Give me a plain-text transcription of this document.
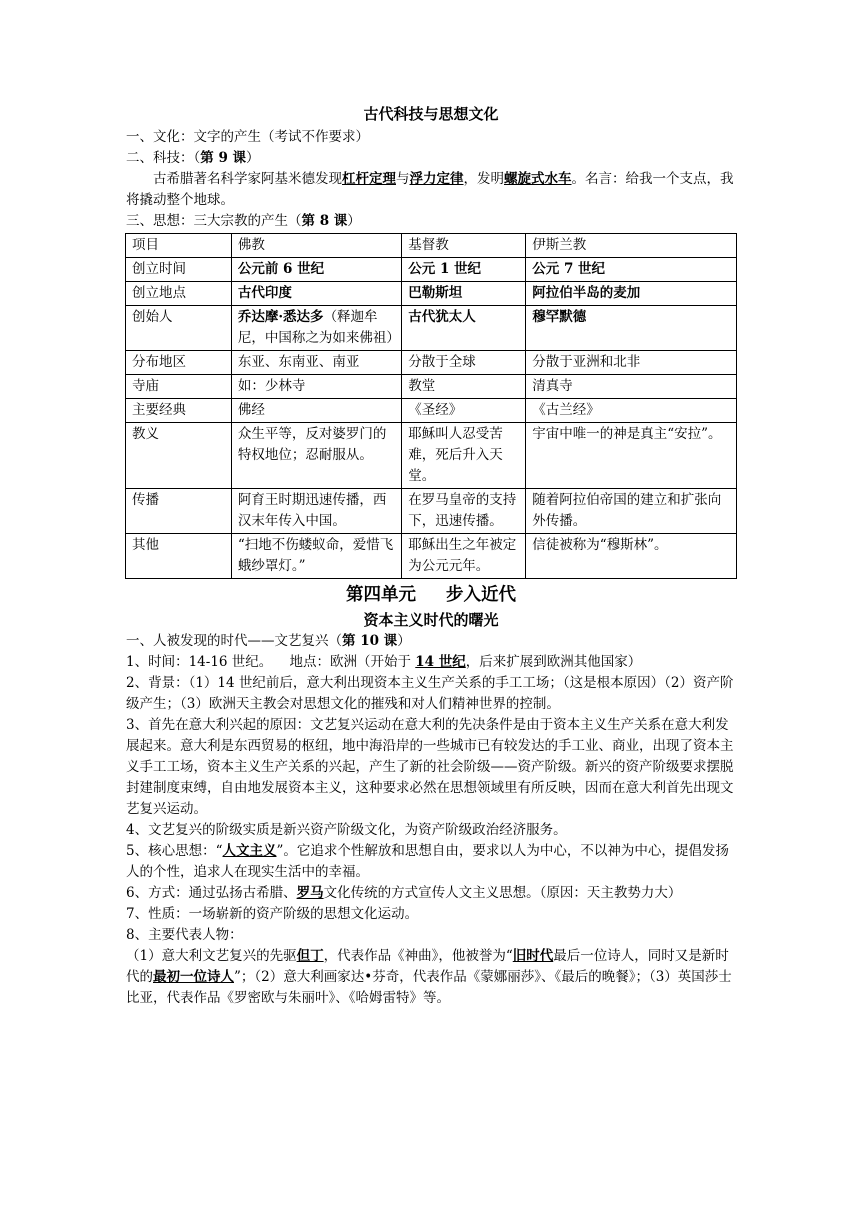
古代科技与思想文化

一、文化：文字的产生（考试不作要求）

二、科技：（第 9 课）

古希腊著名科学家阿基米德发现杠杆定理与浮力定律，发明螺旋式水车。名言：给我一个支点，我将撬动整个地球。

三、思想：三大宗教的产生（第 8 课）

项目	佛教	基督教	伊斯兰教
创立时间	公元前 6 世纪	公元 1 世纪	公元 7 世纪
创立地点	古代印度	巴勒斯坦	阿拉伯半岛的麦加
创始人	乔达摩·悉达多（释迦牟尼，中国称之为如来佛祖）	古代犹太人	穆罕默德
分布地区	东亚、东南亚、南亚	分散于全球	分散于亚洲和北非
寺庙	如：少林寺	教堂	清真寺
主要经典	佛经	《圣经》	《古兰经》
教义	众生平等，反对婆罗门的特权地位；忍耐服从。	耶稣叫人忍受苦难，死后升入天堂。	宇宙中唯一的神是真主“安拉”。
传播	阿育王时期迅速传播，西汉末年传入中国。	在罗马皇帝的支持下，迅速传播。	随着阿拉伯帝国的建立和扩张向外传播。
其他	“扫地不伤蝼蚁命，爱惜飞蛾纱罩灯。”	耶稣出生之年被定为公元元年。	信徒被称为“穆斯林”。

第四单元 步入近代

资本主义时代的曙光

一、人被发现的时代——文艺复兴（第 10 课）

1、时间：14-16 世纪。    地点：欧洲（开始于 14 世纪，后来扩展到欧洲其他国家）

2、背景：（1）14 世纪前后，意大利出现资本主义生产关系的手工工场；（这是根本原因）（2）资产阶级产生；（3）欧洲天主教会对思想文化的摧残和对人们精神世界的控制。

3、首先在意大利兴起的原因：文艺复兴运动在意大利的先决条件是由于资本主义生产关系在意大利发展起来。意大利是东西贸易的枢纽，地中海沿岸的一些城市已有较发达的手工业、商业，出现了资本主义手工工场，资本主义生产关系的兴起，产生了新的社会阶级——资产阶级。新兴的资产阶级要求摆脱封建制度束缚，自由地发展资本主义，这种要求必然在思想领域里有所反映，因而在意大利首先出现文艺复兴运动。

4、文艺复兴的阶级实质是新兴资产阶级文化，为资产阶级政治经济服务。

5、核心思想：“人文主义”。它追求个性解放和思想自由，要求以人为中心，不以神为中心，提倡发扬人的个性，追求人在现实生活中的幸福。

6、方式：通过弘扬古希腊、罗马文化传统的方式宣传人文主义思想。（原因：天主教势力大）

7、性质：一场崭新的资产阶级的思想文化运动。

8、主要代表人物：

（1）意大利文艺复兴的先驱但丁，代表作品《神曲》，他被誉为“旧时代最后一位诗人，同时又是新时代的最初一位诗人”；（2）意大利画家达•芬奇，代表作品《蒙娜丽莎》、《最后的晚餐》；（3）英国莎士比亚，代表作品《罗密欧与朱丽叶》、《哈姆雷特》等。
